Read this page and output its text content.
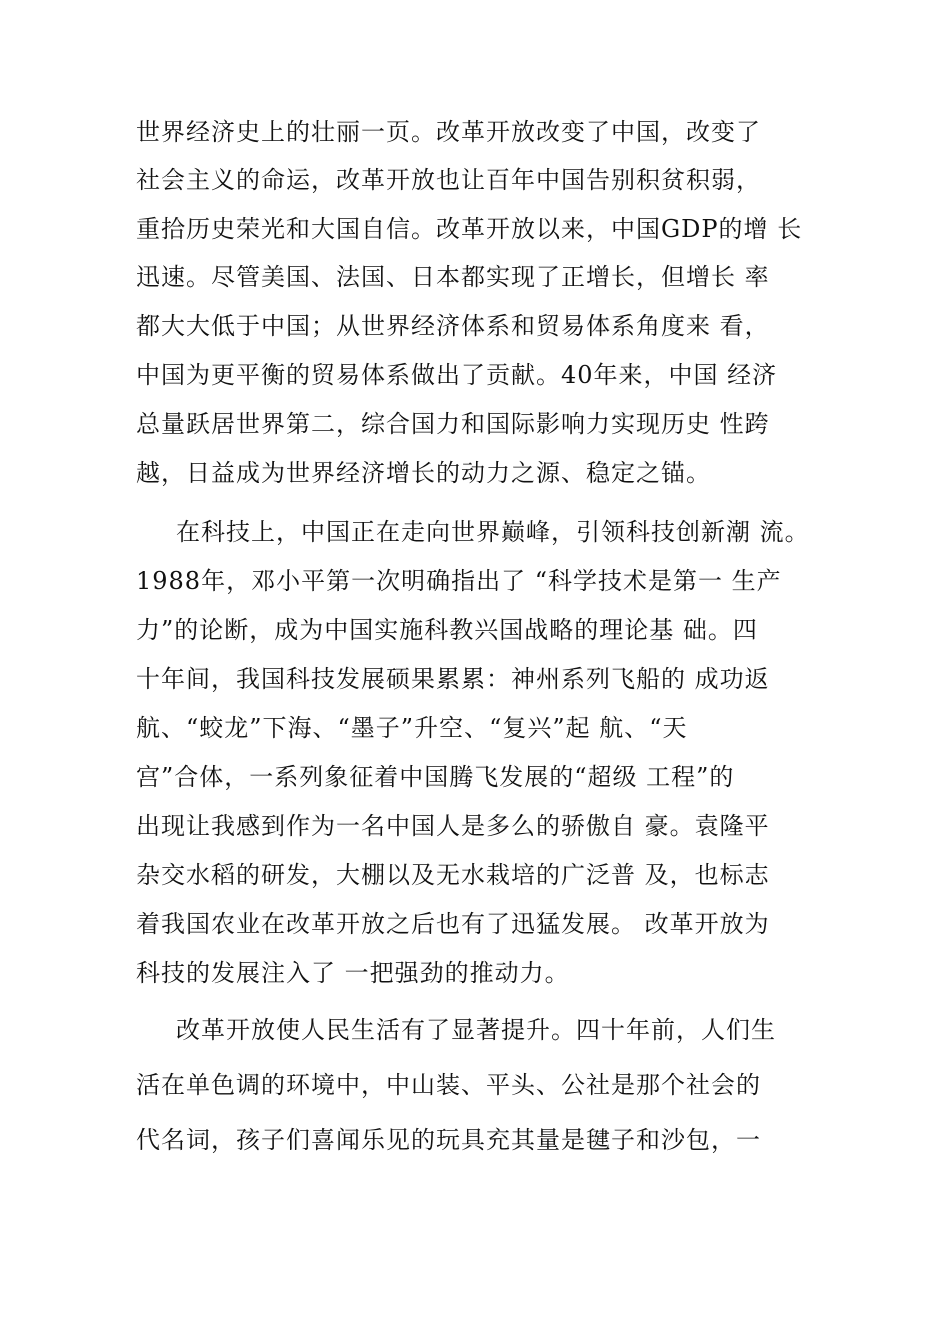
世界经济史上的壮丽一页。改革开放改变了中国，改变了
社会主义的命运，改革开放也让百年中国告别积贫积弱，
重拾历史荣光和大国自信。改革开放以来，中国GDP的增 长
迅速。尽管美国、法国、日本都实现了正增长，但增长 率
都大大低于中国；从世界经济体系和贸易体系角度来 看，
中国为更平衡的贸易体系做出了贡献。40年来，中国 经济
总量跃居世界第二，综合国力和国际影响力实现历史 性跨
越，日益成为世界经济增长的动力之源、稳定之锚。
在科技上，中国正在走向世界巅峰，引领科技创新潮 流。
1988年，邓小平第一次明确指出了 “科学技术是第一 生产
力”的论断，成为中国实施科教兴国战略的理论基 础。四
十年间，我国科技发展硕果累累：神州系列飞船的 成功返
航、“蛟龙”下海、“墨子”升空、“复兴”起 航、“天
宫”合体，一系列象征着中国腾飞发展的“超级 工程”的
出现让我感到作为一名中国人是多么的骄傲自 豪。袁隆平
杂交水稻的研发，大棚以及无水栽培的广泛普 及，也标志
着我国农业在改革开放之后也有了迅猛发展。 改革开放为
科技的发展注入了 一把强劲的推动力。
改革开放使人民生活有了显著提升。四十年前，人们生
活在单色调的环境中，中山装、平头、公社是那个社会的
代名词，孩子们喜闻乐见的玩具充其量是毽子和沙包，一
